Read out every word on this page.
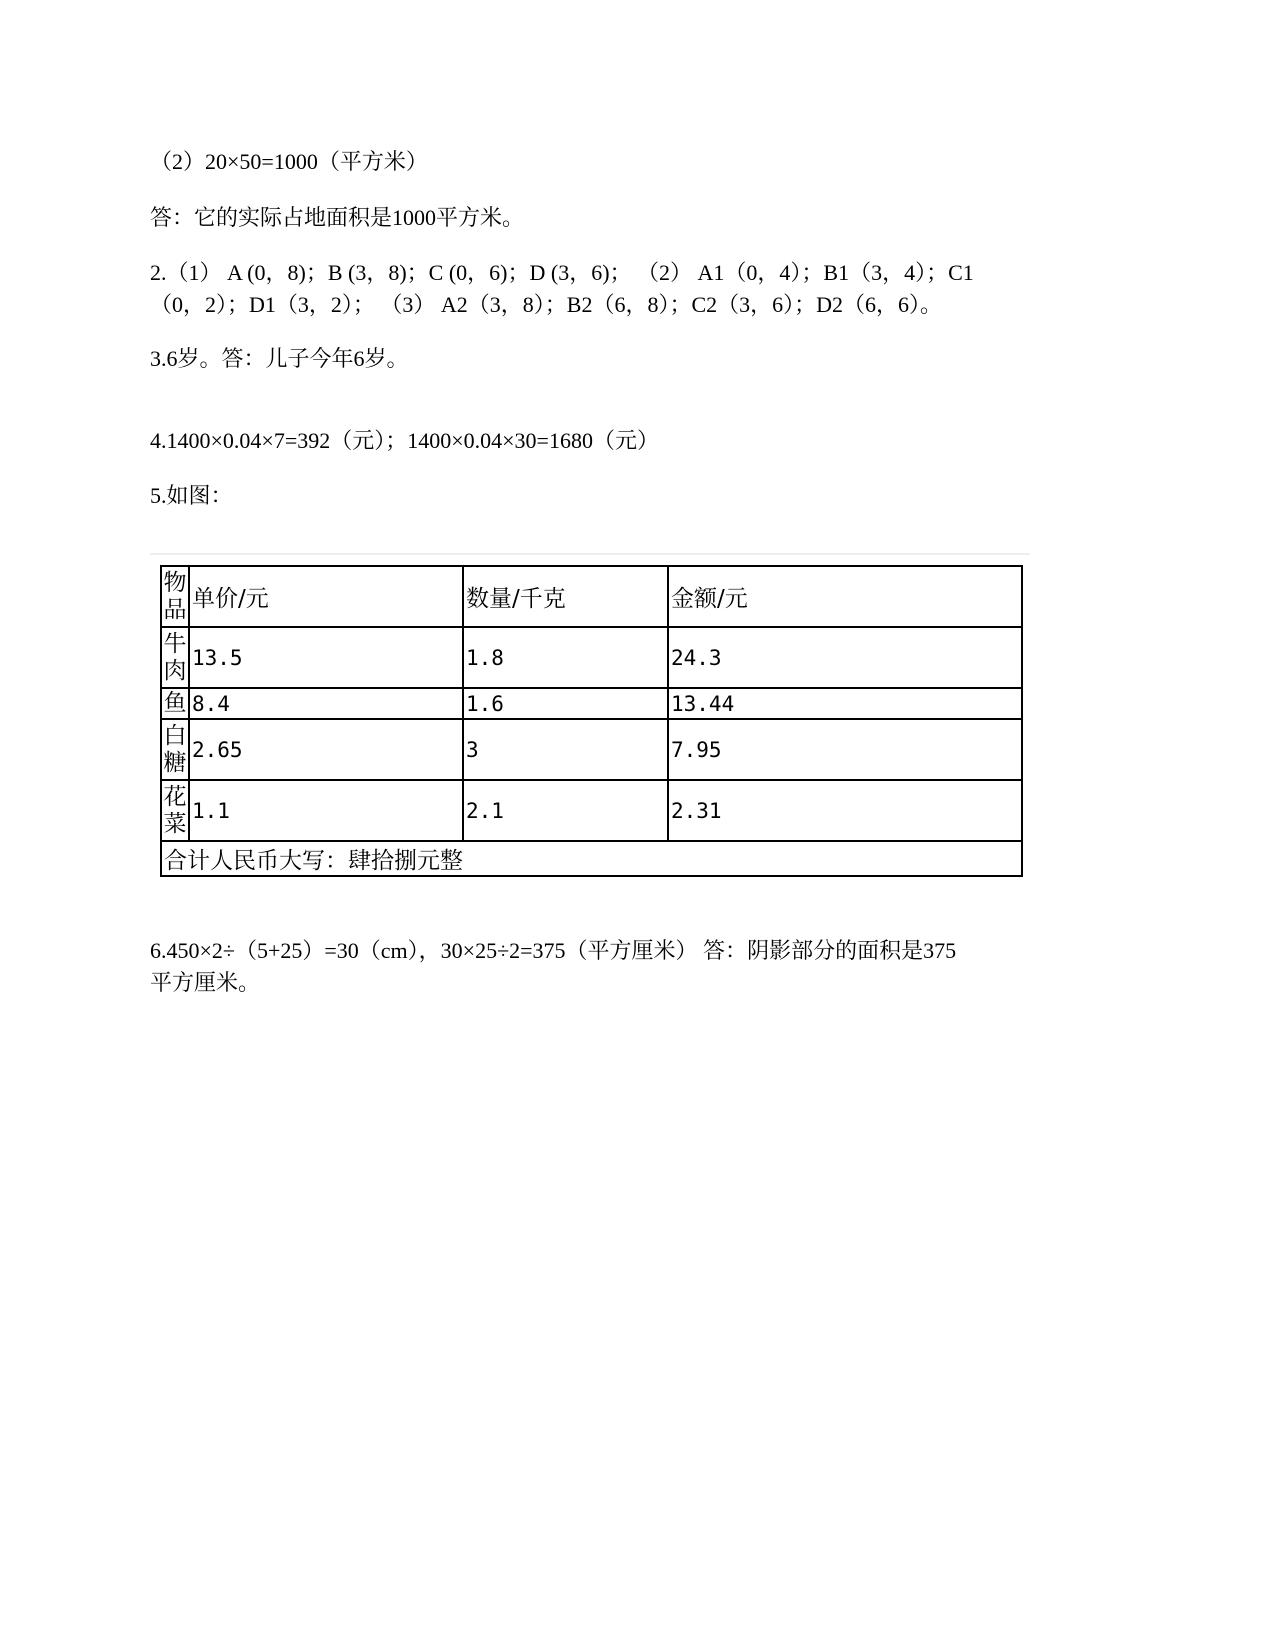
（2）20×50=1000（平方米）
答：它的实际占地面积是1000平方米。
2.（1） A (0，8)；B (3，8)；C (0，6)；D (3，6)； （2） A1（0，4）；B1（3，4）；C1
（0，2）；D1（3，2）； （3） A2（3，8）；B2（6，8）；C2（3，6）；D2（6，6）。
3.6岁。答：儿子今年6岁。
4.1400×0.04×7=392（元）；1400×0.04×30=1680（元）
5.如图：
物品	单价/元	数量/千克	金额/元
牛肉	13.5	1.8	24.3
鱼	8.4	1.6	13.44
白糖	2.65	3	7.95
花菜	1.1	2.1	2.31
合计人民币大写：肆拾捌元整			
6.450×2÷（5+25）=30（cm），30×25÷2=375（平方厘米） 答：阴影部分的面积是375
平方厘米。
